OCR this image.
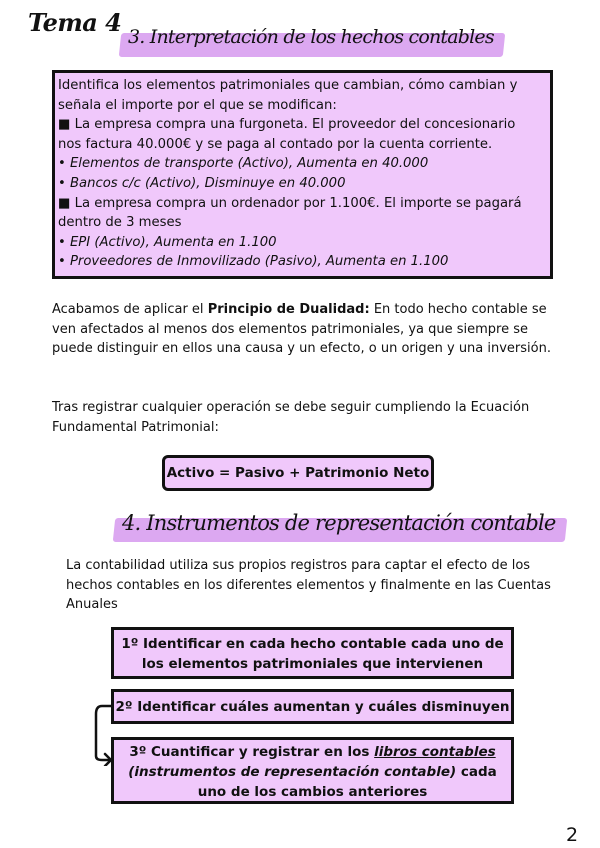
Tema 4 3. Interpretación de los hechos contables
Identifica los elementos patrimoniales que cambian, cómo cambian y
señala el importe por el que se modifican:
■ La empresa compra una furgoneta. El proveedor del concesionario
nos factura 40.000€ y se paga al contado por la cuenta corriente.
• Elementos de transporte (Activo), Aumenta en 40.000
• Bancos c/c (Activo), Disminuye en 40.000
■ La empresa compra un ordenador por 1.100€. El importe se pagará
dentro de 3 meses
• EPI (Activo), Aumenta en 1.100
• Proveedores de Inmovilizado (Pasivo), Aumenta en 1.100
Acabamos de aplicar el Principio de Dualidad: En todo hecho contable se ven afectados al menos dos elementos patrimoniales, ya que siempre se puede distinguir en ellos una causa y un efecto, o un origen y una inversión.
Tras registrar cualquier operación se debe seguir cumpliendo la Ecuación Fundamental Patrimonial:
Activo = Pasivo + Patrimonio Neto
4. Instrumentos de representación contable
La contabilidad utiliza sus propios registros para captar el efecto de los hechos contables en los diferentes elementos y finalmente en las Cuentas Anuales
1º Identificar en cada hecho contable cada uno de los elementos patrimoniales que intervienen
2º Identificar cuáles aumentan y cuáles disminuyen
3º Cuantificar y registrar en los libros contables
(instrumentos de representación contable) cada uno de los cambios anteriores
2
